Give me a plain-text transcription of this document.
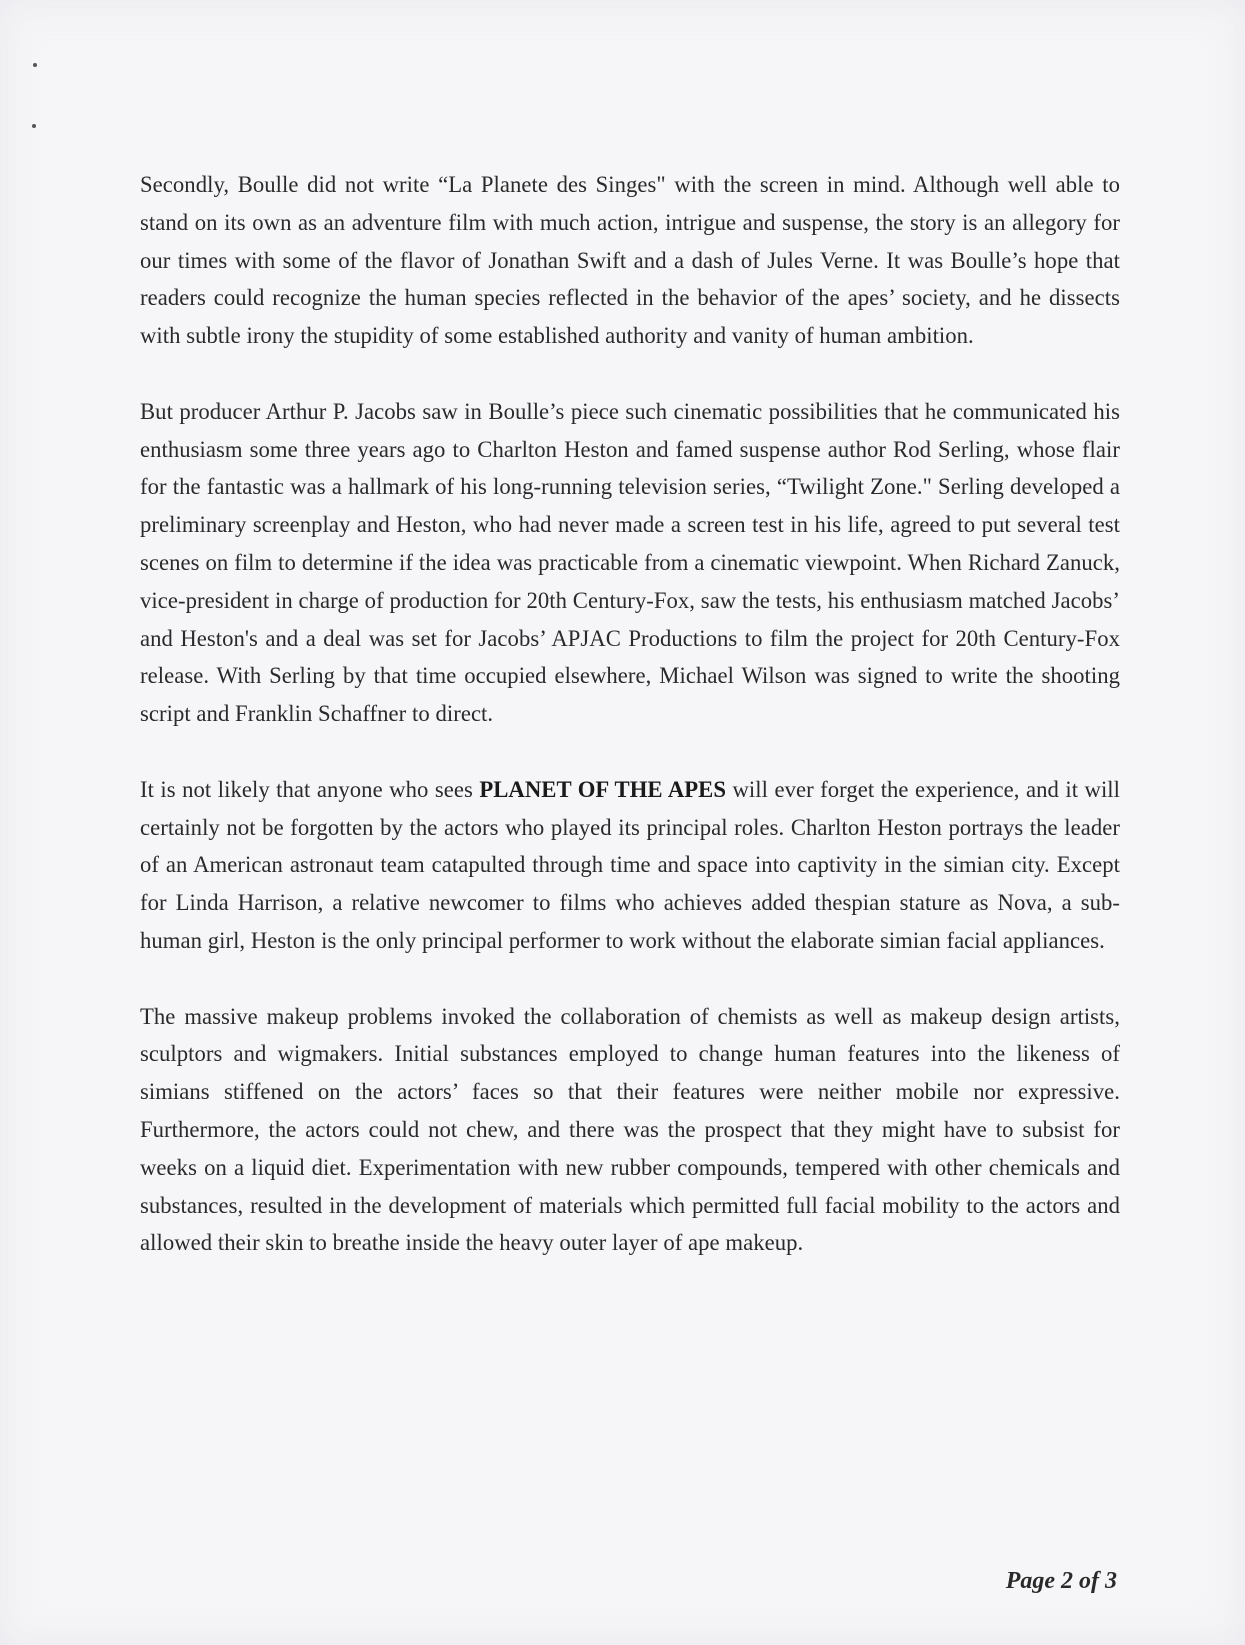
Secondly, Boulle did not write “La Planete des Singes" with the screen in mind. Although well able to stand on its own as an adventure film with much action, intrigue and suspense, the story is an allegory for our times with some of the flavor of Jonathan Swift and a dash of Jules Verne. It was Boulle’s hope that readers could recognize the human species reflected in the behavior of the apes’ society, and he dissects with subtle irony the stupidity of some established authority and vanity of human ambition.

But producer Arthur P. Jacobs saw in Boulle’s piece such cinematic possibilities that he communicated his enthusiasm some three years ago to Charlton Heston and famed suspense author Rod Serling, whose flair for the fantastic was a hallmark of his long-running television series, “Twilight Zone." Serling developed a preliminary screenplay and Heston, who had never made a screen test in his life, agreed to put several test scenes on film to determine if the idea was practicable from a cinematic viewpoint. When Richard Zanuck, vice-president in charge of production for 20th Century-Fox, saw the tests, his enthusiasm matched Jacobs’ and Heston's and a deal was set for Jacobs’ APJAC Productions to film the project for 20th Century-Fox release. With Serling by that time occupied elsewhere, Michael Wilson was signed to write the shooting script and Franklin Schaffner to direct.

It is not likely that anyone who sees PLANET OF THE APES will ever forget the experience, and it will certainly not be forgotten by the actors who played its principal roles. Charlton Heston portrays the leader of an American astronaut team catapulted through time and space into captivity in the simian city. Except for Linda Harrison, a relative newcomer to films who achieves added thespian stature as Nova, a sub-human girl, Heston is the only principal performer to work without the elaborate simian facial appliances.

The massive makeup problems invoked the collaboration of chemists as well as makeup design artists, sculptors and wigmakers. Initial substances employed to change human features into the likeness of simians stiffened on the actors’ faces so that their features were neither mobile nor expressive. Furthermore, the actors could not chew, and there was the prospect that they might have to subsist for weeks on a liquid diet. Experimentation with new rubber compounds, tempered with other chemicals and substances, resulted in the development of materials which permitted full facial mobility to the actors and allowed their skin to breathe inside the heavy outer layer of ape makeup.

Page 2 of 3
